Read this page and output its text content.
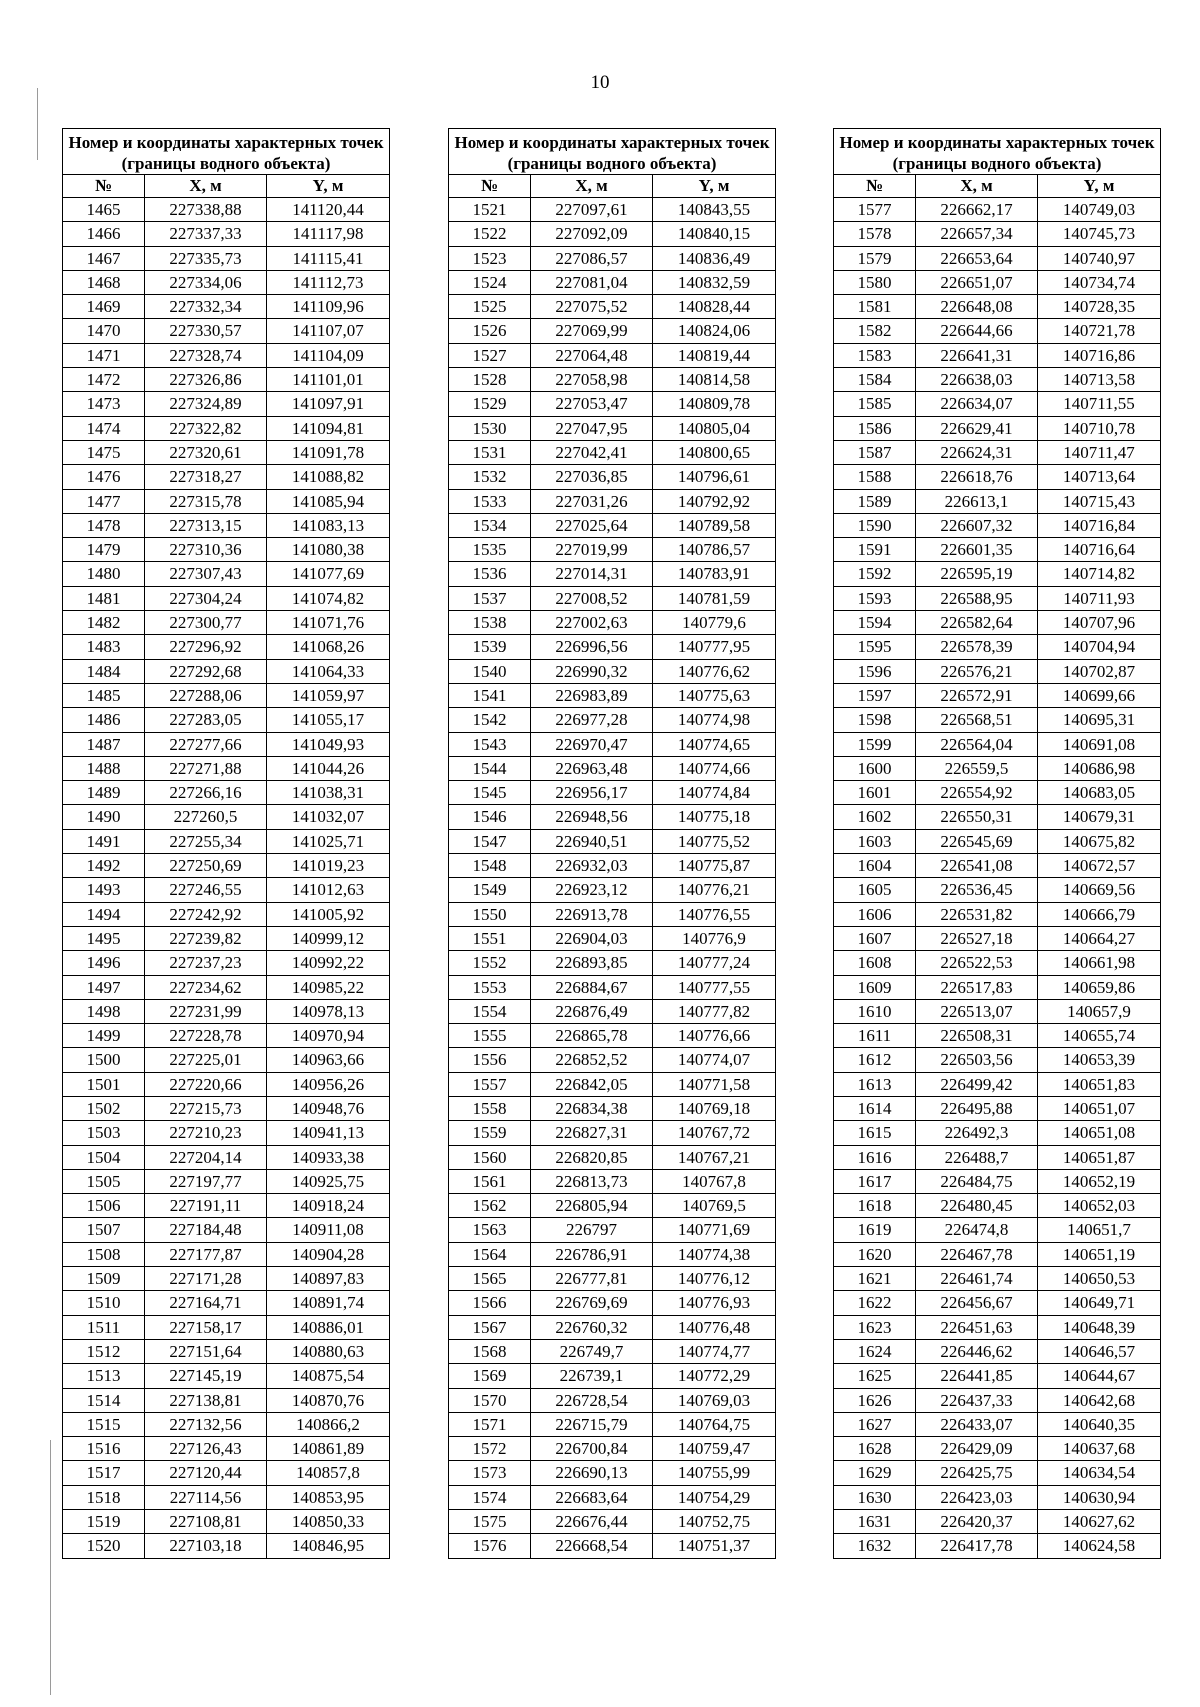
10
Номер и координаты характерных точек (границы водного объекта)		
№	X, м	Y, м
1465	227338,88	141120,44
1466	227337,33	141117,98
1467	227335,73	141115,41
1468	227334,06	141112,73
1469	227332,34	141109,96
1470	227330,57	141107,07
1471	227328,74	141104,09
1472	227326,86	141101,01
1473	227324,89	141097,91
1474	227322,82	141094,81
1475	227320,61	141091,78
1476	227318,27	141088,82
1477	227315,78	141085,94
1478	227313,15	141083,13
1479	227310,36	141080,38
1480	227307,43	141077,69
1481	227304,24	141074,82
1482	227300,77	141071,76
1483	227296,92	141068,26
1484	227292,68	141064,33
1485	227288,06	141059,97
1486	227283,05	141055,17
1487	227277,66	141049,93
1488	227271,88	141044,26
1489	227266,16	141038,31
1490	227260,5	141032,07
1491	227255,34	141025,71
1492	227250,69	141019,23
1493	227246,55	141012,63
1494	227242,92	141005,92
1495	227239,82	140999,12
1496	227237,23	140992,22
1497	227234,62	140985,22
1498	227231,99	140978,13
1499	227228,78	140970,94
1500	227225,01	140963,66
1501	227220,66	140956,26
1502	227215,73	140948,76
1503	227210,23	140941,13
1504	227204,14	140933,38
1505	227197,77	140925,75
1506	227191,11	140918,24
1507	227184,48	140911,08
1508	227177,87	140904,28
1509	227171,28	140897,83
1510	227164,71	140891,74
1511	227158,17	140886,01
1512	227151,64	140880,63
1513	227145,19	140875,54
1514	227138,81	140870,76
1515	227132,56	140866,2
1516	227126,43	140861,89
1517	227120,44	140857,8
1518	227114,56	140853,95
1519	227108,81	140850,33
1520	227103,18	140846,95
Номер и координаты характерных точек (границы водного объекта)		
№	X, м	Y, м
1521	227097,61	140843,55
1522	227092,09	140840,15
1523	227086,57	140836,49
1524	227081,04	140832,59
1525	227075,52	140828,44
1526	227069,99	140824,06
1527	227064,48	140819,44
1528	227058,98	140814,58
1529	227053,47	140809,78
1530	227047,95	140805,04
1531	227042,41	140800,65
1532	227036,85	140796,61
1533	227031,26	140792,92
1534	227025,64	140789,58
1535	227019,99	140786,57
1536	227014,31	140783,91
1537	227008,52	140781,59
1538	227002,63	140779,6
1539	226996,56	140777,95
1540	226990,32	140776,62
1541	226983,89	140775,63
1542	226977,28	140774,98
1543	226970,47	140774,65
1544	226963,48	140774,66
1545	226956,17	140774,84
1546	226948,56	140775,18
1547	226940,51	140775,52
1548	226932,03	140775,87
1549	226923,12	140776,21
1550	226913,78	140776,55
1551	226904,03	140776,9
1552	226893,85	140777,24
1553	226884,67	140777,55
1554	226876,49	140777,82
1555	226865,78	140776,66
1556	226852,52	140774,07
1557	226842,05	140771,58
1558	226834,38	140769,18
1559	226827,31	140767,72
1560	226820,85	140767,21
1561	226813,73	140767,8
1562	226805,94	140769,5
1563	226797	140771,69
1564	226786,91	140774,38
1565	226777,81	140776,12
1566	226769,69	140776,93
1567	226760,32	140776,48
1568	226749,7	140774,77
1569	226739,1	140772,29
1570	226728,54	140769,03
1571	226715,79	140764,75
1572	226700,84	140759,47
1573	226690,13	140755,99
1574	226683,64	140754,29
1575	226676,44	140752,75
1576	226668,54	140751,37
Номер и координаты характерных точек (границы водного объекта)		
№	X, м	Y, м
1577	226662,17	140749,03
1578	226657,34	140745,73
1579	226653,64	140740,97
1580	226651,07	140734,74
1581	226648,08	140728,35
1582	226644,66	140721,78
1583	226641,31	140716,86
1584	226638,03	140713,58
1585	226634,07	140711,55
1586	226629,41	140710,78
1587	226624,31	140711,47
1588	226618,76	140713,64
1589	226613,1	140715,43
1590	226607,32	140716,84
1591	226601,35	140716,64
1592	226595,19	140714,82
1593	226588,95	140711,93
1594	226582,64	140707,96
1595	226578,39	140704,94
1596	226576,21	140702,87
1597	226572,91	140699,66
1598	226568,51	140695,31
1599	226564,04	140691,08
1600	226559,5	140686,98
1601	226554,92	140683,05
1602	226550,31	140679,31
1603	226545,69	140675,82
1604	226541,08	140672,57
1605	226536,45	140669,56
1606	226531,82	140666,79
1607	226527,18	140664,27
1608	226522,53	140661,98
1609	226517,83	140659,86
1610	226513,07	140657,9
1611	226508,31	140655,74
1612	226503,56	140653,39
1613	226499,42	140651,83
1614	226495,88	140651,07
1615	226492,3	140651,08
1616	226488,7	140651,87
1617	226484,75	140652,19
1618	226480,45	140652,03
1619	226474,8	140651,7
1620	226467,78	140651,19
1621	226461,74	140650,53
1622	226456,67	140649,71
1623	226451,63	140648,39
1624	226446,62	140646,57
1625	226441,85	140644,67
1626	226437,33	140642,68
1627	226433,07	140640,35
1628	226429,09	140637,68
1629	226425,75	140634,54
1630	226423,03	140630,94
1631	226420,37	140627,62
1632	226417,78	140624,58
